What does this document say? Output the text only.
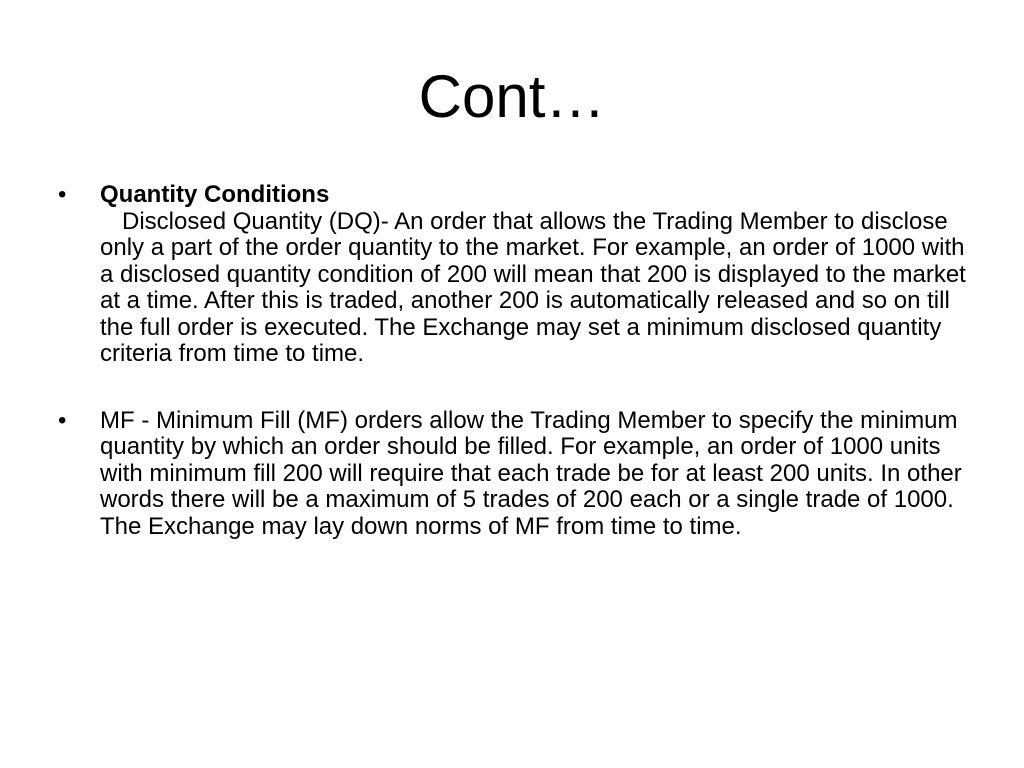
Cont…
• Quantity Conditions
Disclosed Quantity (DQ)- An order that allows the Trading Member to disclose only a part of the order quantity to the market. For example, an order of 1000 with a disclosed quantity condition of 200 will mean that 200 is displayed to the market at a time. After this is traded, another 200 is automatically released and so on till the full order is executed. The Exchange may set a minimum disclosed quantity criteria from time to time.
• MF - Minimum Fill (MF) orders allow the Trading Member to specify the minimum quantity by which an order should be filled. For example, an order of 1000 units with minimum fill 200 will require that each trade be for at least 200 units. In other words there will be a maximum of 5 trades of 200 each or a single trade of 1000. The Exchange may lay down norms of MF from time to time.
